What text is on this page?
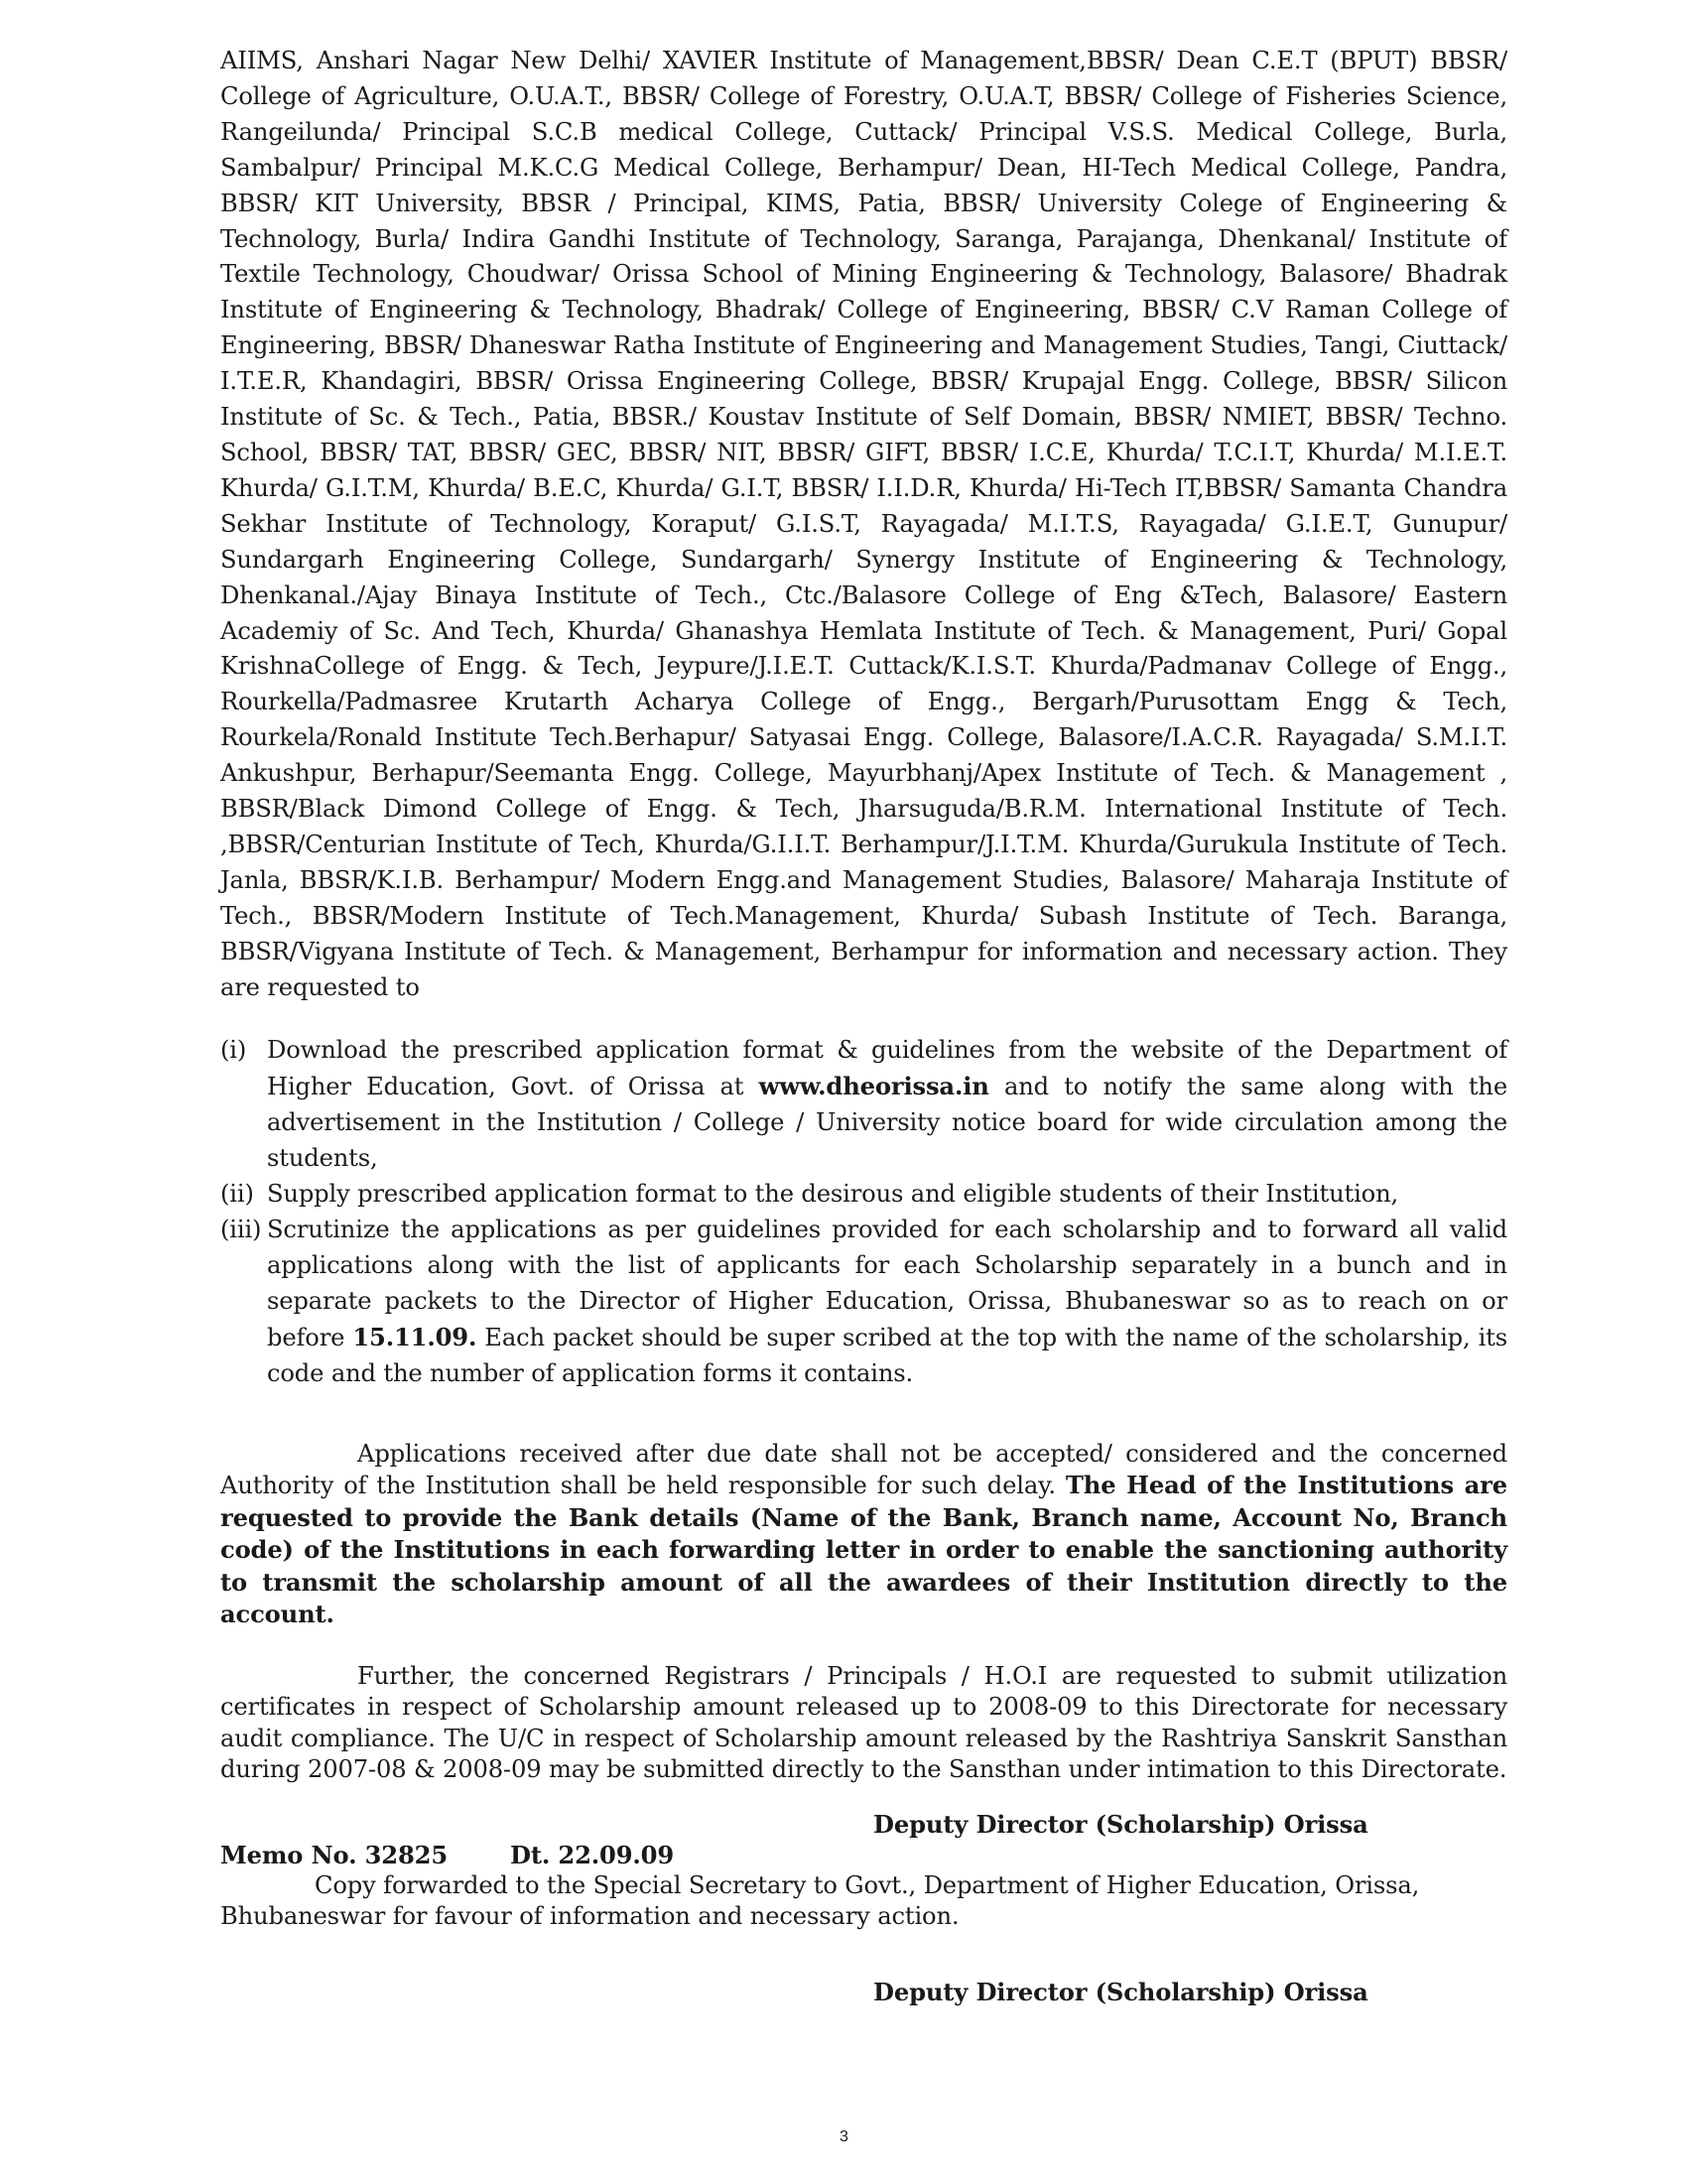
AIIMS, Anshari Nagar New Delhi/ XAVIER Institute of Management,BBSR/ Dean C.E.T (BPUT) BBSR/ College of Agriculture, O.U.A.T., BBSR/ College of Forestry, O.U.A.T, BBSR/ College of Fisheries Science, Rangeilunda/ Principal S.C.B medical College, Cuttack/ Principal V.S.S. Medical College, Burla, Sambalpur/ Principal M.K.C.G Medical College, Berhampur/ Dean, HI-Tech Medical College, Pandra, BBSR/ KIT University, BBSR / Principal, KIMS, Patia, BBSR/ University Colege of Engineering & Technology, Burla/ Indira Gandhi Institute of Technology, Saranga, Parajanga, Dhenkanal/ Institute of Textile Technology, Choudwar/ Orissa School of Mining Engineering & Technology, Balasore/ Bhadrak Institute of Engineering & Technology, Bhadrak/ College of Engineering, BBSR/ C.V Raman College of Engineering, BBSR/ Dhaneswar Ratha Institute of Engineering and Management Studies, Tangi, Ciuttack/ I.T.E.R, Khandagiri, BBSR/ Orissa Engineering College, BBSR/ Krupajal Engg. College, BBSR/ Silicon Institute of Sc. & Tech., Patia, BBSR./ Koustav Institute of Self Domain, BBSR/ NMIET, BBSR/ Techno. School, BBSR/ TAT, BBSR/ GEC, BBSR/ NIT, BBSR/ GIFT, BBSR/ I.C.E, Khurda/ T.C.I.T, Khurda/ M.I.E.T. Khurda/ G.I.T.M, Khurda/ B.E.C, Khurda/ G.I.T, BBSR/ I.I.D.R, Khurda/ Hi-Tech IT,BBSR/ Samanta Chandra Sekhar Institute of Technology, Koraput/ G.I.S.T, Rayagada/ M.I.T.S, Rayagada/ G.I.E.T, Gunupur/ Sundargarh Engineering College, Sundargarh/ Synergy Institute of Engineering & Technology, Dhenkanal./Ajay Binaya Institute of Tech., Ctc./Balasore College of Eng &Tech, Balasore/ Eastern Academiy of Sc. And Tech, Khurda/ Ghanashya Hemlata Institute of Tech. & Management, Puri/ Gopal KrishnaCollege of Engg. & Tech, Jeypure/J.I.E.T. Cuttack/K.I.S.T. Khurda/Padmanav College of Engg., Rourkella/Padmasree Krutarth Acharya College of Engg., Bergarh/Purusottam Engg & Tech, Rourkela/Ronald Institute Tech.Berhapur/ Satyasai Engg. College, Balasore/I.A.C.R. Rayagada/ S.M.I.T. Ankushpur, Berhapur/Seemanta Engg. College, Mayurbhanj/Apex Institute of Tech. & Management , BBSR/Black Dimond College of Engg. & Tech, Jharsuguda/B.R.M. International Institute of Tech. ,BBSR/Centurian Institute of Tech, Khurda/G.I.I.T. Berhampur/J.I.T.M. Khurda/Gurukula Institute of Tech. Janla, BBSR/K.I.B. Berhampur/ Modern Engg.and Management Studies, Balasore/ Maharaja Institute of Tech., BBSR/Modern Institute of Tech.Management, Khurda/ Subash Institute of Tech. Baranga, BBSR/Vigyana Institute of Tech. & Management, Berhampur for information and necessary action. They are requested to

(i) Download the prescribed application format & guidelines from the website of the Department of Higher Education, Govt. of Orissa at www.dheorissa.in and to notify the same along with the advertisement in the Institution / College / University notice board for wide circulation among the students,
(ii) Supply prescribed application format to the desirous and eligible students of their Institution,
(iii) Scrutinize the applications as per guidelines provided for each scholarship and to forward all valid applications along with the list of applicants for each Scholarship separately in a bunch and in separate packets to the Director of Higher Education, Orissa, Bhubaneswar so as to reach on or before 15.11.09. Each packet should be super scribed at the top with the name of the scholarship, its code and the number of application forms it contains.

Applications received after due date shall not be accepted/ considered and the concerned Authority of the Institution shall be held responsible for such delay. The Head of the Institutions are requested to provide the Bank details (Name of the Bank, Branch name, Account No, Branch code) of the Institutions in each forwarding letter in order to enable the sanctioning authority to transmit the scholarship amount of all the awardees of their Institution directly to the account.

Further, the concerned Registrars / Principals / H.O.I are requested to submit utilization certificates in respect of Scholarship amount released up to 2008-09 to this Directorate for necessary audit compliance. The U/C in respect of Scholarship amount released by the Rashtriya Sanskrit Sansthan during 2007-08 & 2008-09 may be submitted directly to the Sansthan under intimation to this Directorate.

Deputy Director (Scholarship) Orissa
Memo No. 32825	Dt. 22.09.09

Copy forwarded to the Special Secretary to Govt., Department of Higher Education, Orissa,

Bhubaneswar for favour of information and necessary action.

Deputy Director (Scholarship) Orissa
3
